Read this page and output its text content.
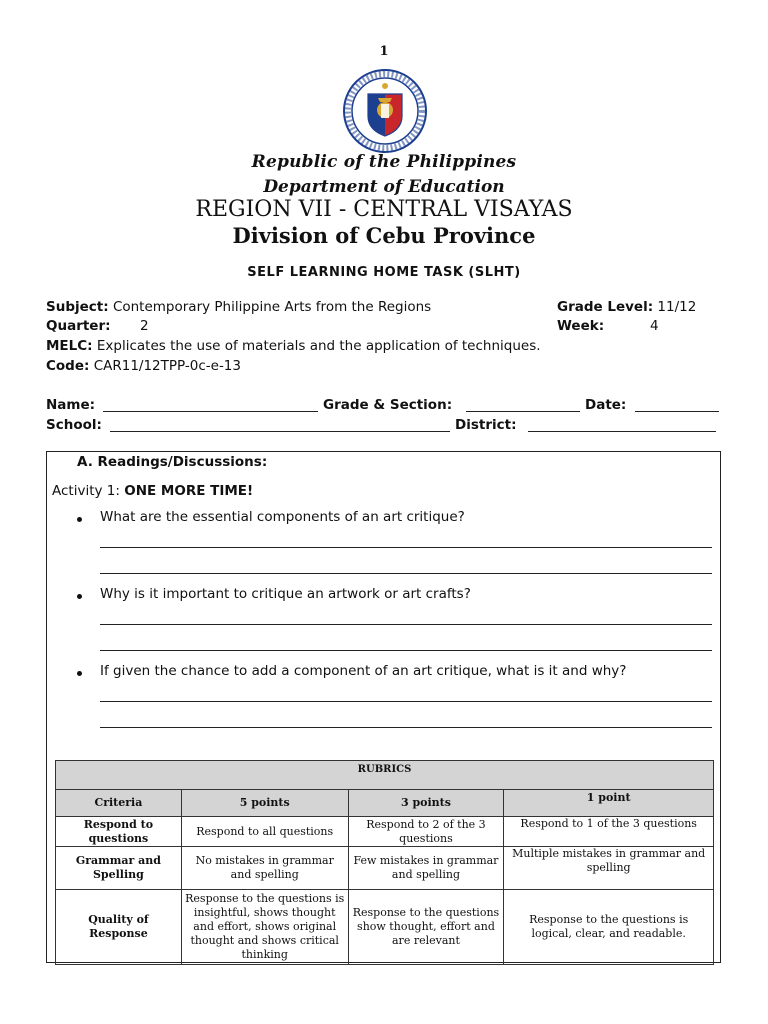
1
Republic of the Philippines
Department of Education
REGION VII - CENTRAL VISAYAS
Division of Cebu Province
SELF LEARNING HOME TASK (SLHT)
Subject: Contemporary Philippine Arts from the Regions	Grade Level: 11/12
Quarter: 2	Week:	4
MELC: Explicates the use of materials and the application of techniques.
Code: CAR11/12TPP-0c-e-13
Name:	Grade & Section:	Date:
School:	District:
A. Readings/Discussions:
Activity 1: ONE MORE TIME!
What are the essential components of an art critique?
Why is it important to critique an artwork or art crafts?
If given the chance to add a component of an art critique, what is it and why?
RUBRICS			
Criteria	5 points	3 points	1 point
Respond to questions	Respond to all questions	Respond to 2 of the 3 questions	Respond to 1 of the 3 questions
Grammar and Spelling	No mistakes in grammar and spelling	Few mistakes in grammar and spelling	Multiple mistakes in grammar and spelling
Quality of Response	Response to the questions is insightful, shows thought and effort, shows original thought and shows critical thinking	Response to the questions show thought, effort and are relevant	Response to the questions is logical, clear, and readable.
